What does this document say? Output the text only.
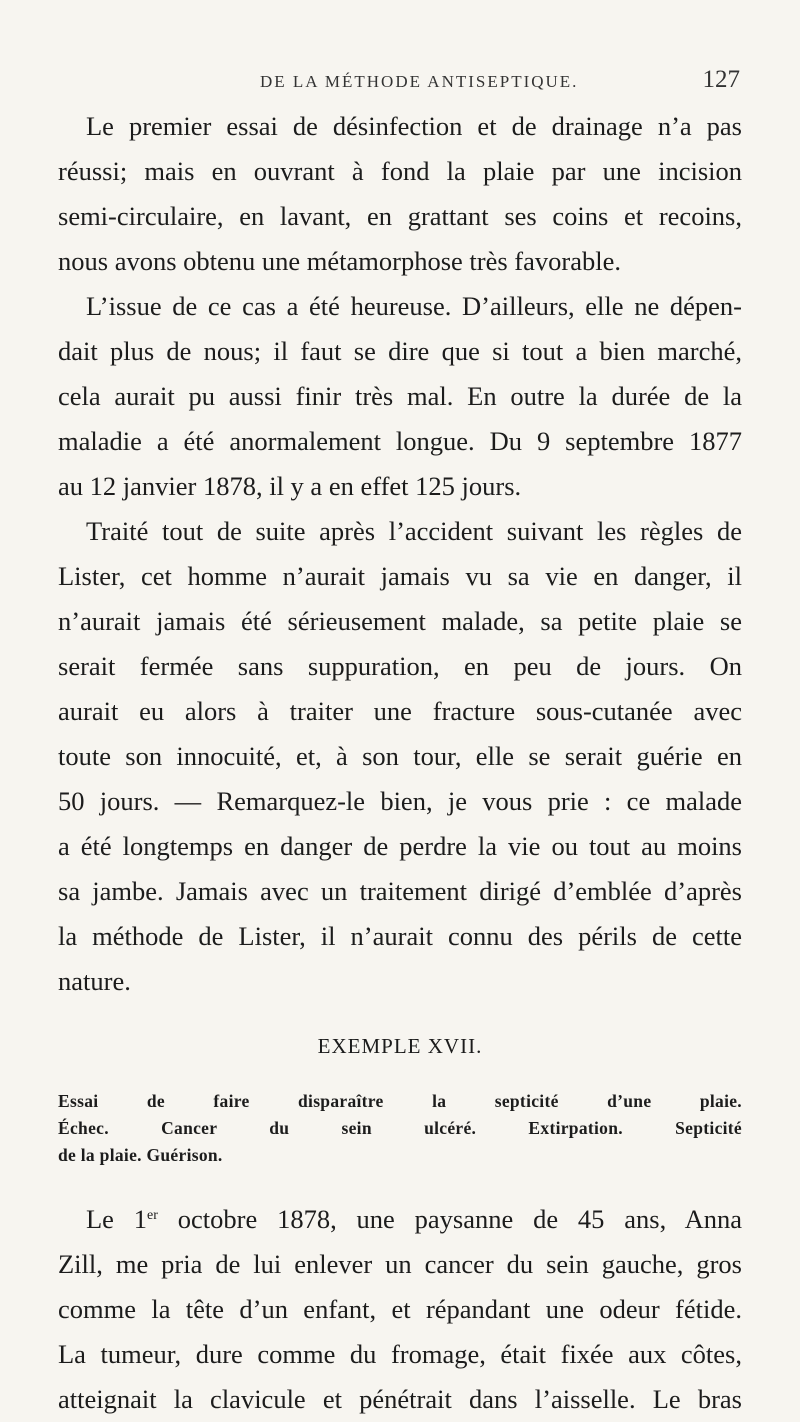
DE LA MÉTHODE ANTISEPTIQUE.	127
Le premier essai de désinfection et de drainage n’a pas
réussi; mais en ouvrant à fond la plaie par une incision
semi-circulaire, en lavant, en grattant ses coins et recoins,
nous avons obtenu une métamorphose très favorable.
L’issue de ce cas a été heureuse. D’ailleurs, elle ne dépen-
dait plus de nous; il faut se dire que si tout a bien marché,
cela aurait pu aussi finir très mal. En outre la durée de la
maladie a été anormalement longue. Du 9 septembre 1877
au 12 janvier 1878, il y a en effet 125 jours.
Traité tout de suite après l’accident suivant les règles de
Lister, cet homme n’aurait jamais vu sa vie en danger, il
n’aurait jamais été sérieusement malade, sa petite plaie se
serait fermée sans suppuration, en peu de jours. On
aurait eu alors à traiter une fracture sous-cutanée avec
toute son innocuité, et, à son tour, elle se serait guérie en
50 jours. — Remarquez-le bien, je vous prie : ce malade
a été longtemps en danger de perdre la vie ou tout au moins
sa jambe. Jamais avec un traitement dirigé d’emblée d’après
la méthode de Lister, il n’aurait connu des périls de cette
nature.
EXEMPLE XVII.
Essai de faire disparaître la septicité d’une plaie.
Échec. Cancer du sein ulcéré. Extirpation. Septicité
de la plaie. Guérison.
Le 1er octobre 1878, une paysanne de 45 ans, Anna
Zill, me pria de lui enlever un cancer du sein gauche, gros
comme la tête d’un enfant, et répandant une odeur fétide.
La tumeur, dure comme du fromage, était fixée aux côtes,
atteignait la clavicule et pénétrait dans l’aisselle. Le bras
